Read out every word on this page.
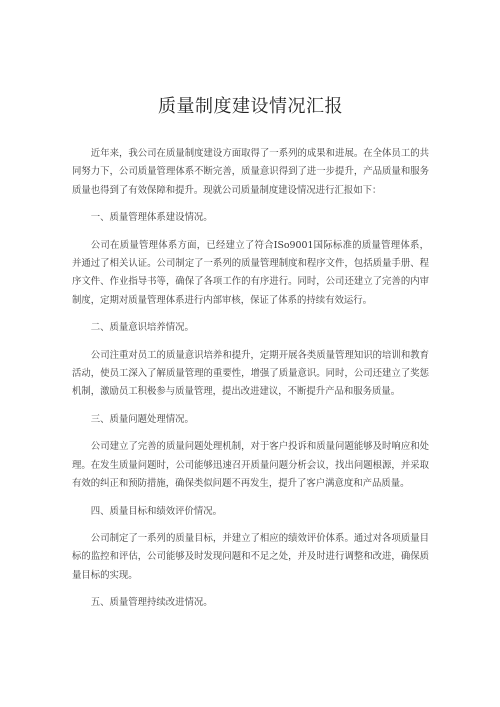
质量制度建设情况汇报

近年来，我公司在质量制度建设方面取得了一系列的成果和进展。在全体员工的共同努力下，公司质量管理体系不断完善，质量意识得到了进一步提升，产品质量和服务质量也得到了有效保障和提升。现就公司质量制度建设情况进行汇报如下：

一、质量管理体系建设情况。

公司在质量管理体系方面，已经建立了符合ISo9001国际标准的质量管理体系，并通过了相关认证。公司制定了一系列的质量管理制度和程序文件，包括质量手册、程序文件、作业指导书等，确保了各项工作的有序进行。同时，公司还建立了完善的内审制度，定期对质量管理体系进行内部审核，保证了体系的持续有效运行。

二、质量意识培养情况。

公司注重对员工的质量意识培养和提升，定期开展各类质量管理知识的培训和教育活动，使员工深入了解质量管理的重要性，增强了质量意识。同时，公司还建立了奖惩机制，激励员工积极参与质量管理，提出改进建议，不断提升产品和服务质量。

三、质量问题处理情况。

公司建立了完善的质量问题处理机制，对于客户投诉和质量问题能够及时响应和处理。在发生质量问题时，公司能够迅速召开质量问题分析会议，找出问题根源，并采取有效的纠正和预防措施，确保类似问题不再发生，提升了客户满意度和产品质量。

四、质量目标和绩效评价情况。

公司制定了一系列的质量目标，并建立了相应的绩效评价体系。通过对各项质量目标的监控和评估，公司能够及时发现问题和不足之处，并及时进行调整和改进，确保质量目标的实现。

五、质量管理持续改进情况。
